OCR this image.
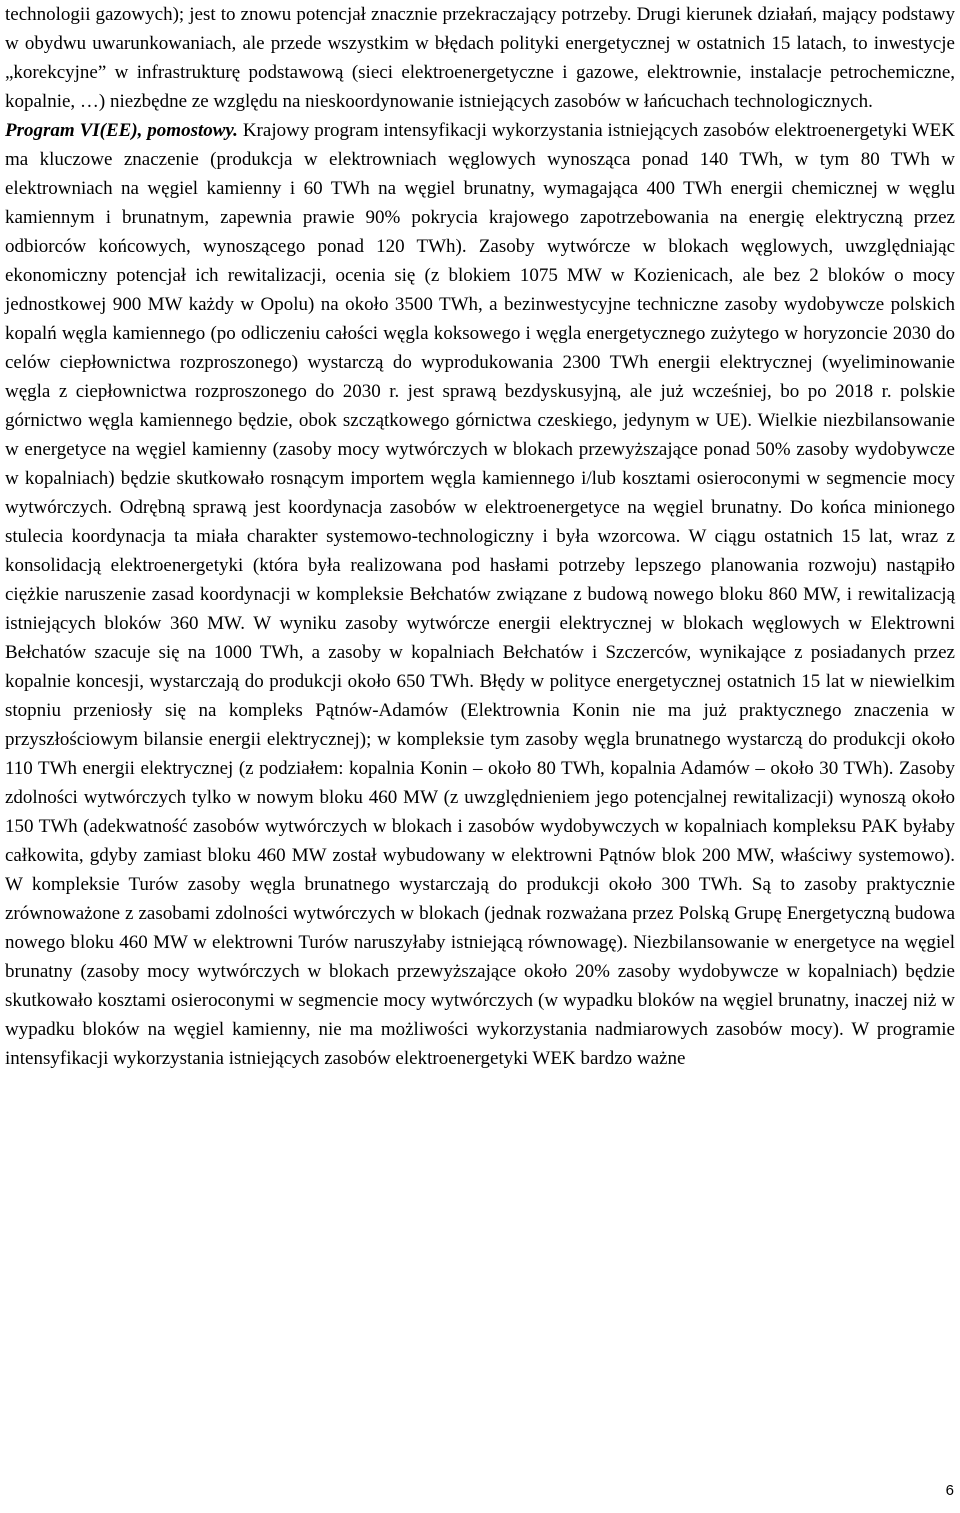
technologii gazowych); jest to znowu potencjał znacznie przekraczający potrzeby. Drugi kierunek działań, mający podstawy w obydwu uwarunkowaniach, ale przede wszystkim w błędach polityki energetycznej w ostatnich 15 latach, to inwestycje „korekcyjne” w infrastrukturę podstawową (sieci elektroenergetyczne i gazowe, elektrownie, instalacje petrochemiczne, kopalnie, …) niezbędne ze względu na nieskoordynowanie istniejących zasobów w łańcuchach technologicznych.

Program VI(EE), pomostowy. Krajowy program intensyfikacji wykorzystania istniejących zasobów elektroenergetyki WEK ma kluczowe znaczenie (produkcja w elektrowniach węglowych wynosząca ponad 140 TWh, w tym 80 TWh w elektrowniach na węgiel kamienny i 60 TWh na węgiel brunatny, wymagająca 400 TWh energii chemicznej w węglu kamiennym i brunatnym, zapewnia prawie 90% pokrycia krajowego zapotrzebowania na energię elektryczną przez odbiorców końcowych, wynoszącego ponad 120 TWh). Zasoby wytwórcze w blokach węglowych, uwzględniając ekonomiczny potencjał ich rewitalizacji, ocenia się (z blokiem 1075 MW w Kozienicach, ale bez 2 bloków o mocy jednostkowej 900 MW każdy w Opolu) na około 3500 TWh, a bezinwestycyjne techniczne zasoby wydobywcze polskich kopalń węgla kamiennego (po odliczeniu całości węgla koksowego i węgla energetycznego zużytego w horyzoncie 2030 do celów ciepłownictwa rozproszonego) wystarczą do wyprodukowania 2300 TWh energii elektrycznej (wyeliminowanie węgla z ciepłownictwa rozproszonego do 2030 r. jest sprawą bezdyskusyjną, ale już wcześniej, bo po 2018 r. polskie górnictwo węgla kamiennego będzie, obok szczątkowego górnictwa czeskiego, jedynym w UE). Wielkie niezbilansowanie w energetyce na węgiel kamienny (zasoby mocy wytwórczych w blokach przewyższające ponad 50% zasoby wydobywcze w kopalniach) będzie skutkowało rosnącym importem węgla kamiennego i/lub kosztami osieroconymi w segmencie mocy wytwórczych. Odrębną sprawą jest koordynacja zasobów w elektroenergetyce na węgiel brunatny. Do końca minionego stulecia koordynacja ta miała charakter systemowo-technologiczny i była wzorcowa. W ciągu ostatnich 15 lat, wraz z konsolidacją elektroenergetyki (która była realizowana pod hasłami potrzeby lepszego planowania rozwoju) nastąpiło ciężkie naruszenie zasad koordynacji w kompleksie Bełchatów związane z budową nowego bloku 860 MW, i rewitalizacją istniejących bloków 360 MW. W wyniku zasoby wytwórcze energii elektrycznej w blokach węglowych w Elektrowni Bełchatów szacuje się na 1000 TWh, a zasoby w kopalniach Bełchatów i Szczerców, wynikające z posiadanych przez kopalnie koncesji, wystarczają do produkcji około 650 TWh. Błędy w polityce energetycznej ostatnich 15 lat w niewielkim stopniu przeniosły się na kompleks Pątnów-Adamów (Elektrownia Konin nie ma już praktycznego znaczenia w przyszłościowym bilansie energii elektrycznej); w kompleksie tym zasoby węgla brunatnego wystarczą do produkcji około 110 TWh energii elektrycznej (z podziałem: kopalnia Konin – około 80 TWh, kopalnia Adamów – około 30 TWh). Zasoby zdolności wytwórczych tylko w nowym bloku 460 MW (z uwzględnieniem jego potencjalnej rewitalizacji) wynoszą około 150 TWh (adekwatność zasobów wytwórczych w blokach i zasobów wydobywczych w kopalniach kompleksu PAK byłaby całkowita, gdyby zamiast bloku 460 MW został wybudowany w elektrowni Pątnów blok 200 MW, właściwy systemowo). W kompleksie Turów zasoby węgla brunatnego wystarczają do produkcji około 300 TWh. Są to zasoby praktycznie zrównoważone z zasobami zdolności wytwórczych w blokach (jednak rozważana przez Polską Grupę Energetyczną budowa nowego bloku 460 MW w elektrowni Turów naruszyłaby istniejącą równowagę). Niezbilansowanie w energetyce na węgiel brunatny (zasoby mocy wytwórczych w blokach przewyższające około 20% zasoby wydobywcze w kopalniach) będzie skutkowało kosztami osieroconymi w segmencie mocy wytwórczych (w wypadku bloków na węgiel brunatny, inaczej niż w wypadku bloków na węgiel kamienny, nie ma możliwości wykorzystania nadmiarowych zasobów mocy). W programie intensyfikacji wykorzystania istniejących zasobów elektroenergetyki WEK bardzo ważne

6
